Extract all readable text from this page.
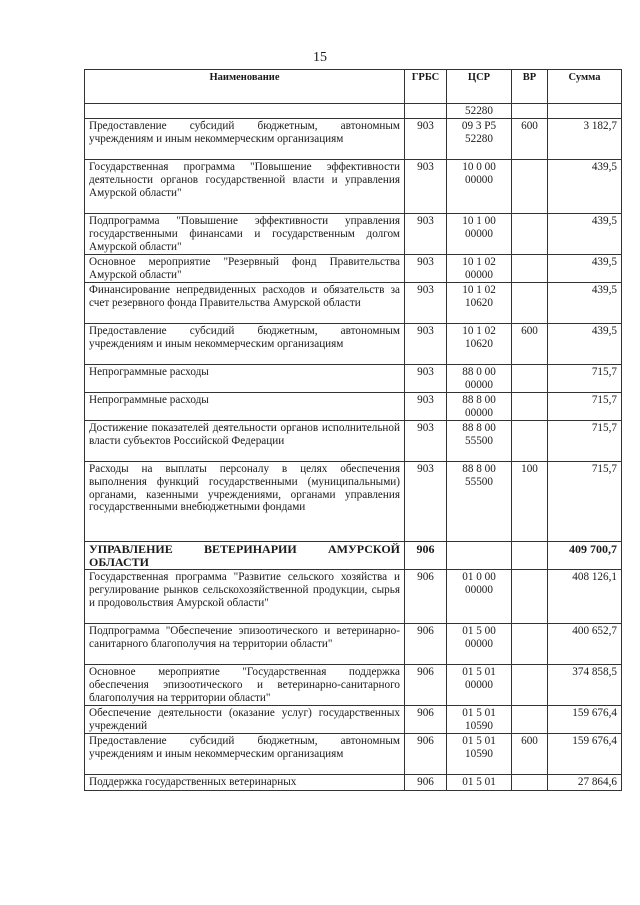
15
Наименование	ГРБС	ЦСР	ВР	Сумма
		52280		
Предоставление субсидий бюджетным, автономным учреждениям и иным некоммерческим организациям	903	09 3 Р5 52280	600	3 182,7
Государственная программа "Повышение эффективности деятельности органов государственной власти и управления Амурской области"	903	10 0 00 00000		439,5
Подпрограмма "Повышение эффективности управления государственными финансами и государственным долгом Амурской области"	903	10 1 00 00000		439,5
Основное мероприятие "Резервный фонд Правительства Амурской области"	903	10 1 02 00000		439,5
Финансирование непредвиденных расходов и обязательств за счет резервного фонда Правительства Амурской области	903	10 1 02 10620		439,5
Предоставление субсидий бюджетным, автономным учреждениям и иным некоммерческим организациям	903	10 1 02 10620	600	439,5
Непрограммные расходы	903	88 0 00 00000		715,7
Непрограммные расходы	903	88 8 00 00000		715,7
Достижение показателей деятельности органов исполнительной власти субъектов Российской Федерации	903	88 8 00 55500		715,7
Расходы на выплаты персоналу в целях обеспечения выполнения функций государственными (муниципальными) органами, казенными учреждениями, органами управления государственными внебюджетными фондами	903	88 8 00 55500	100	715,7
УПРАВЛЕНИЕ ВЕТЕРИНАРИИ АМУРСКОЙ ОБЛАСТИ	906			409 700,7
Государственная программа "Развитие сельского хозяйства и регулирование рынков сельскохозяйственной продукции, сырья и продовольствия Амурской области"	906	01 0 00 00000		408 126,1
Подпрограмма "Обеспечение эпизоотического и ветеринарно-санитарного благополучия на территории области"	906	01 5 00 00000		400 652,7
Основное мероприятие "Государственная поддержка обеспечения эпизоотического и ветеринарно-санитарного благополучия на территории области"	906	01 5 01 00000		374 858,5
Обеспечение деятельности (оказание услуг) государственных учреждений	906	01 5 01 10590		159 676,4
Предоставление субсидий бюджетным, автономным учреждениям и иным некоммерческим организациям	906	01 5 01 10590	600	159 676,4
Поддержка государственных ветеринарных	906	01 5 01		27 864,6
